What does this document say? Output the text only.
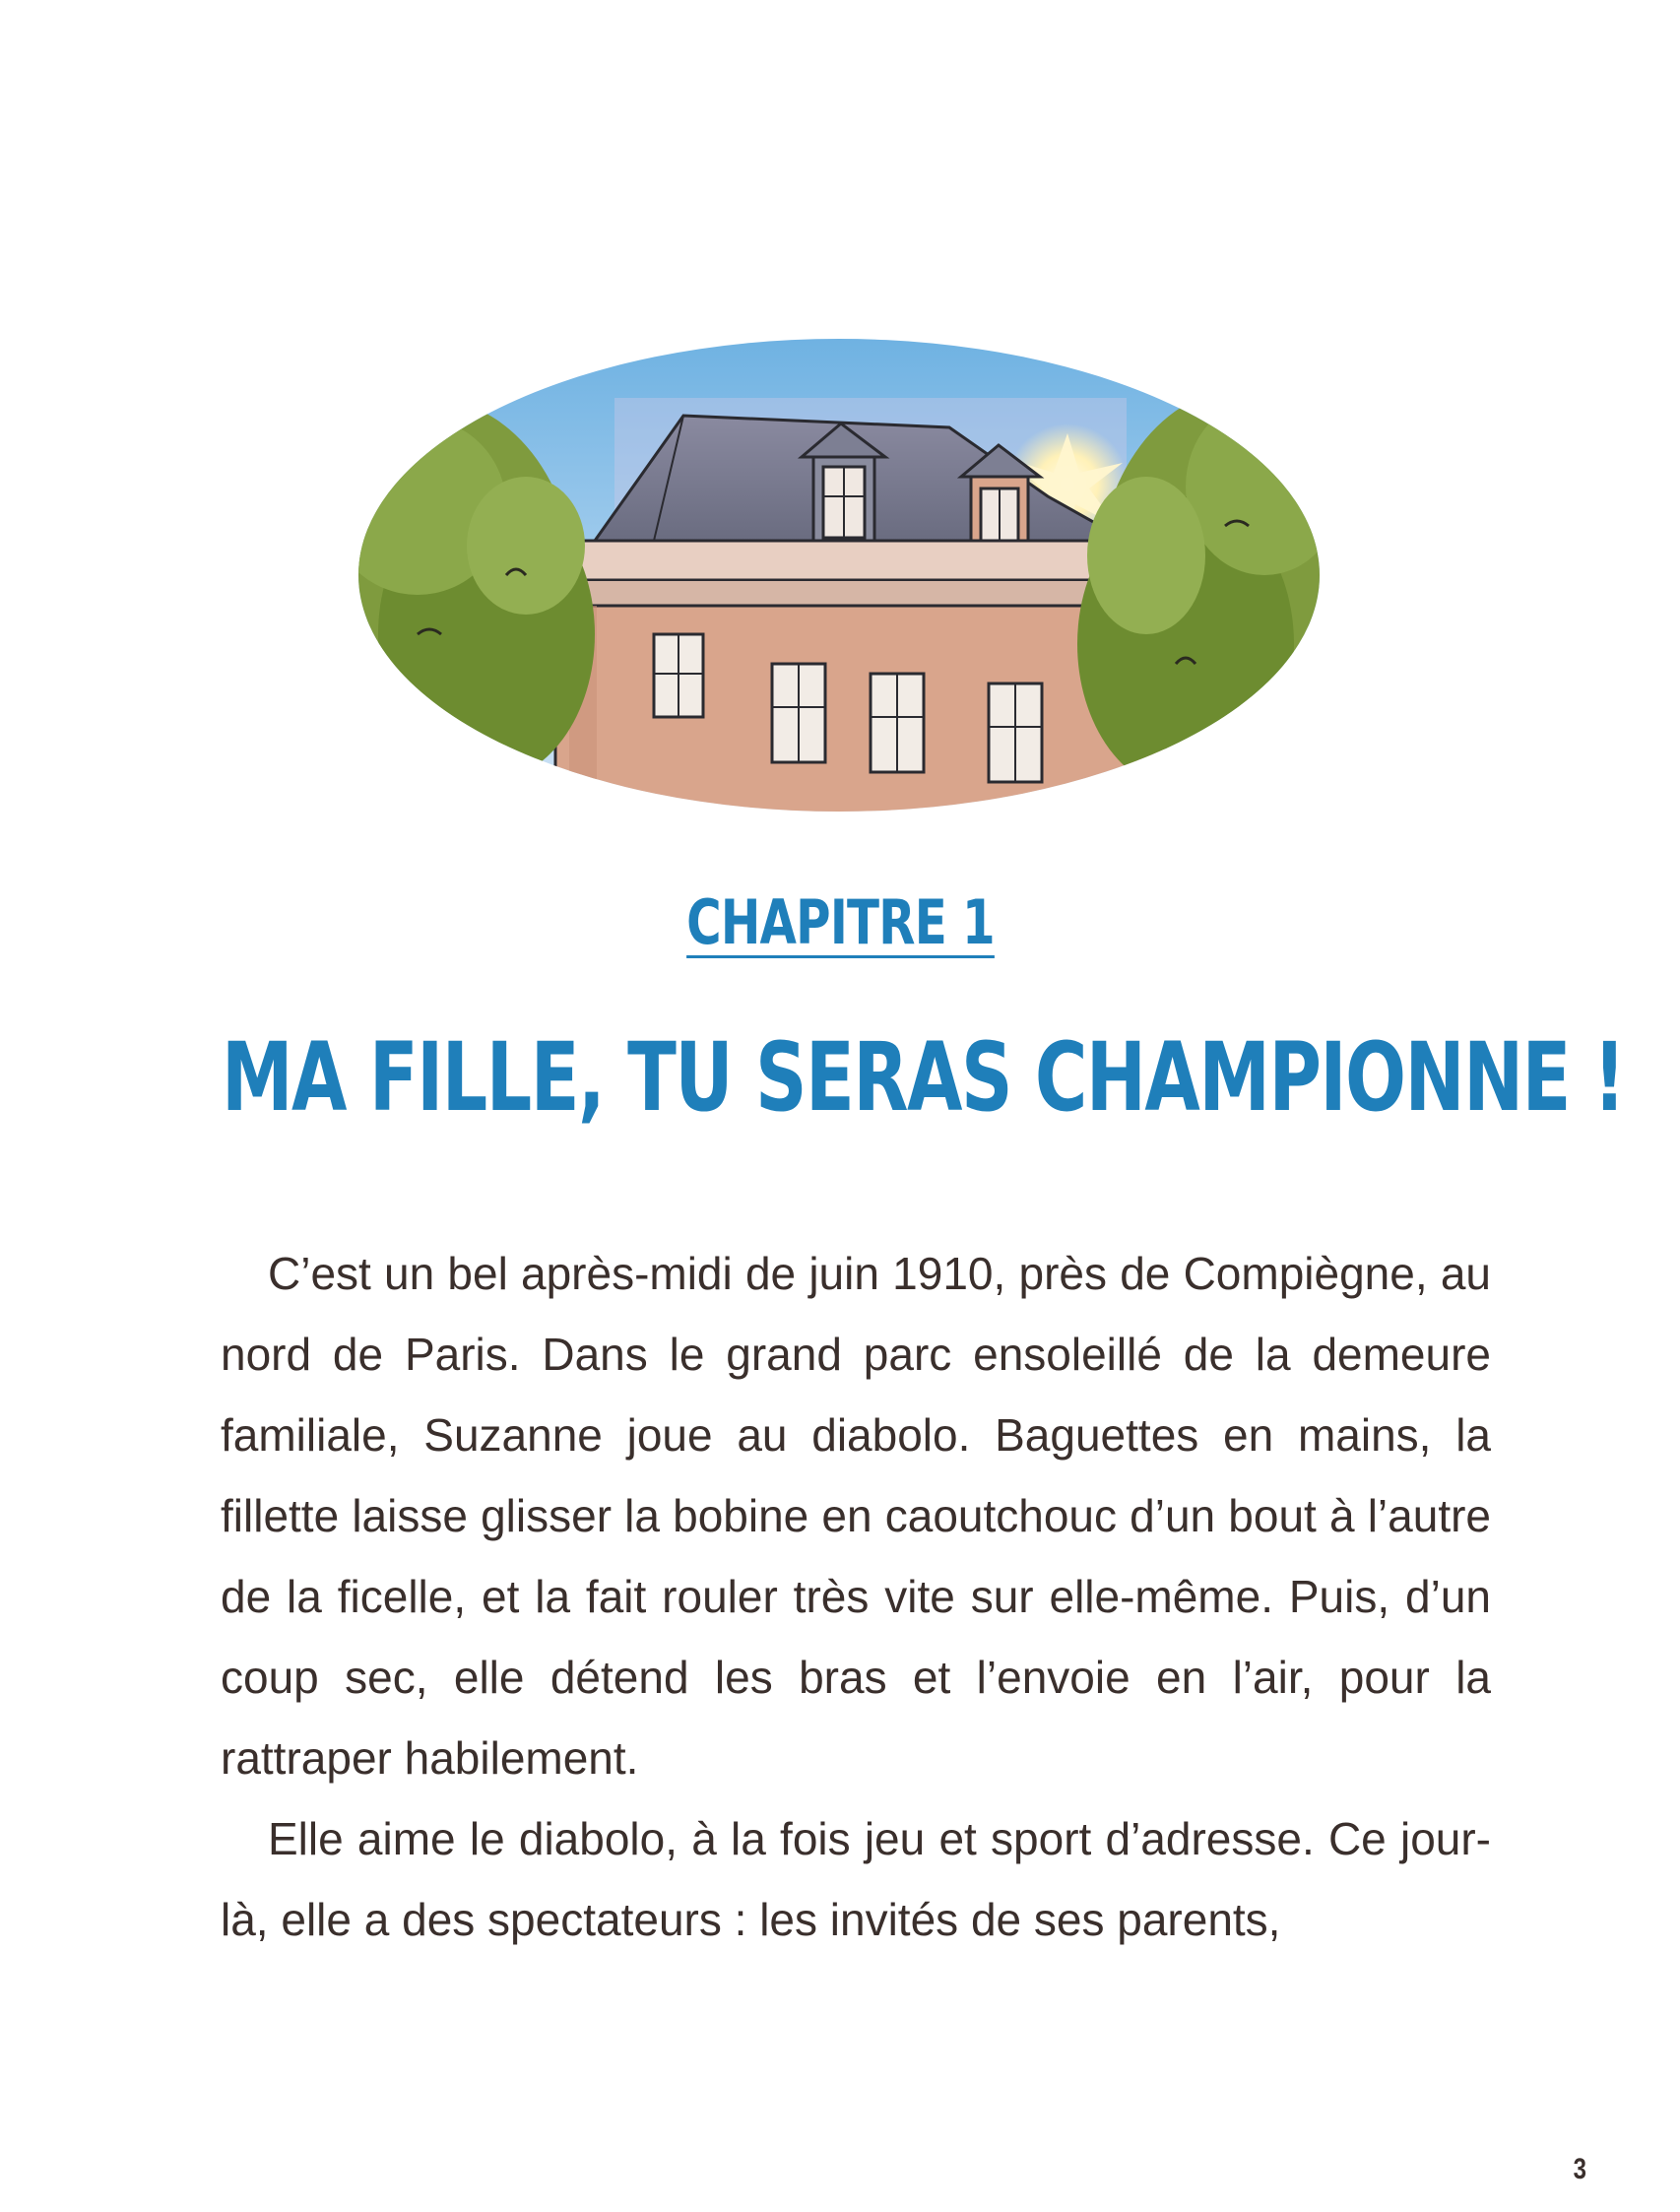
CHAPITRE 1
MA FILLE, TU SERAS CHAMPIONNE !

C’est un bel après-midi de juin 1910, près de Compiègne, au nord de Paris. Dans le grand parc ensoleillé de la demeure familiale, Suzanne joue au diabolo. Baguettes en mains, la fillette laisse glisser la bobine en caoutchouc d’un bout à l’autre de la ficelle, et la fait rouler très vite sur elle-même. Puis, d’un coup sec, elle détend les bras et l’envoie en l’air, pour la rattraper habilement.

Elle aime le diabolo, à la fois jeu et sport d’adresse. Ce jour-là, elle a des spectateurs : les invités de ses parents,

3
